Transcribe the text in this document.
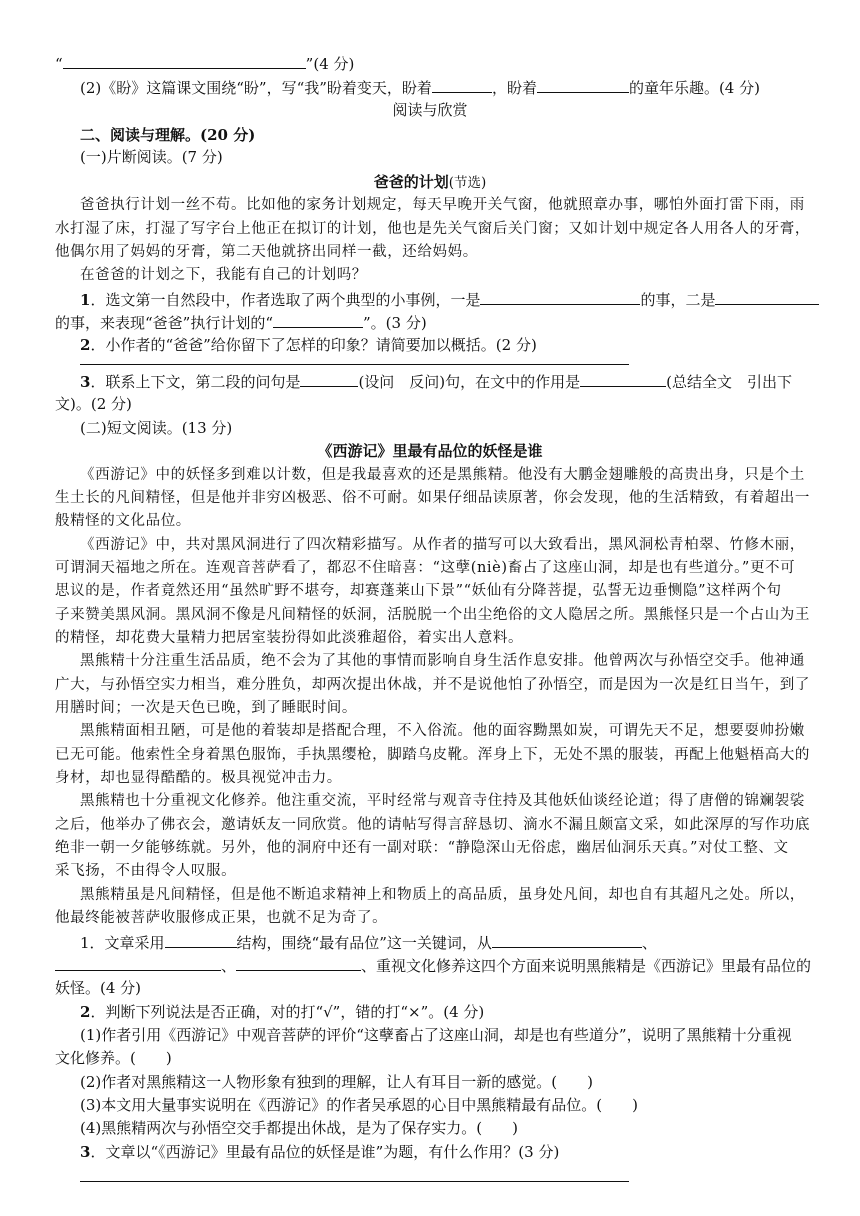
“	”(4 分)
(2)《盼》这篇课文围绕“盼”，写“我”盼着变天，盼着	，盼着	的童年乐趣。(4 分)
阅读与欣赏
二、阅读与理解。(20 分)
(一)片断阅读。(7 分)
爸爸的计划(节选)
爸爸执行计划一丝不苟。比如他的家务计划规定，每天早晚开关气窗，他就照章办事，哪怕外面打雷下雨，雨
水打湿了床，打湿了写字台上他正在拟订的计划，他也是先关气窗后关门窗；又如计划中规定各人用各人的牙膏，
他偶尔用了妈妈的牙膏，第二天他就挤出同样一截，还给妈妈。
在爸爸的计划之下，我能有自己的计划吗？
1．选文第一自然段中，作者选取了两个典型的小事例，一是	的事，二是
的事，来表现“爸爸”执行计划的“	”。(3 分)
2．小作者的“爸爸”给你留下了怎样的印象？请简要加以概括。(2 分)
3．联系上下文，第二段的问句是	(设问　反问)句，在文中的作用是	(总结全文　引出下
文)。(2 分)
(二)短文阅读。(13 分)
《西游记》里最有品位的妖怪是谁
《西游记》中的妖怪多到难以计数，但是我最喜欢的还是黑熊精。他没有大鹏金翅雕般的高贵出身，只是个土
生土长的凡间精怪，但是他并非穷凶极恶、俗不可耐。如果仔细品读原著，你会发现，他的生活精致，有着超出一
般精怪的文化品位。
《西游记》中，共对黑风洞进行了四次精彩描写。从作者的描写可以大致看出，黑风洞松青柏翠、竹修木丽，
可谓洞天福地之所在。连观音菩萨看了，都忍不住暗喜：“这孽(niè)畜占了这座山洞，却是也有些道分。”更不可
思议的是，作者竟然还用“虽然旷野不堪夸，却赛蓬莱山下景”“妖仙有分降菩提，弘誓无边垂恻隐”这样两个句
子来赞美黑风洞。黑风洞不像是凡间精怪的妖洞，活脱脱一个出尘绝俗的文人隐居之所。黑熊怪只是一个占山为王
的精怪，却花费大量精力把居室装扮得如此淡雅超俗，着实出人意料。
黑熊精十分注重生活品质，绝不会为了其他的事情而影响自身生活作息安排。他曾两次与孙悟空交手。他神通
广大，与孙悟空实力相当，难分胜负，却两次提出休战，并不是说他怕了孙悟空，而是因为一次是红日当午，到了
用膳时间；一次是天色已晚，到了睡眠时间。
黑熊精面相丑陋，可是他的着装却是搭配合理，不入俗流。他的面容黝黑如炭，可谓先天不足，想要耍帅扮嫩
已无可能。他索性全身着黑色服饰，手执黑缨枪，脚踏乌皮靴。浑身上下，无处不黑的服装，再配上他魁梧高大的
身材，却也显得酷酷的。极具视觉冲击力。
黑熊精也十分重视文化修养。他注重交流，平时经常与观音寺住持及其他妖仙谈经论道；得了唐僧的锦斓袈裟
之后，他举办了佛衣会，邀请妖友一同欣赏。他的请帖写得言辞恳切、滴水不漏且颇富文采，如此深厚的写作功底
绝非一朝一夕能够练就。另外，他的洞府中还有一副对联：“静隐深山无俗虑，幽居仙洞乐天真。”对仗工整、文
采飞扬，不由得令人叹服。
黑熊精虽是凡间精怪，但是他不断追求精神上和物质上的高品质，虽身处凡间，却也自有其超凡之处。所以，
他最终能被菩萨收服修成正果，也就不足为奇了。
1．文章采用	结构，围绕“最有品位”这一关键词，从	、
、	、重视文化修养这四个方面来说明黑熊精是《西游记》里最有品位的
妖怪。(4 分)
2．判断下列说法是否正确，对的打“√”，错的打“×”。(4 分)
(1)作者引用《西游记》中观音菩萨的评价“这孽畜占了这座山洞，却是也有些道分”，说明了黑熊精十分重视
文化修养。(　　)
(2)作者对黑熊精这一人物形象有独到的理解，让人有耳目一新的感觉。(　　)
(3)本文用大量事实说明在《西游记》的作者吴承恩的心目中黑熊精最有品位。(　　)
(4)黑熊精两次与孙悟空交手都提出休战，是为了保存实力。(　　)
3．文章以“《西游记》里最有品位的妖怪是谁”为题，有什么作用？(3 分)
